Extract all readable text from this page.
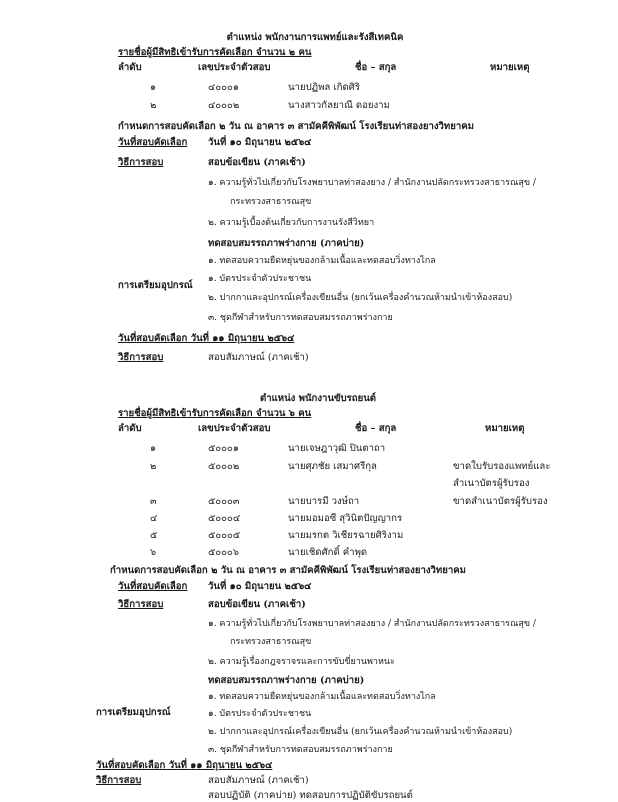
ตำแหน่ง พนักงานการแพทย์และรังสีเทคนิค
รายชื่อผู้มีสิทธิเข้ารับการคัดเลือก จำนวน ๒ คน
ลำดับ	เลขประจำตัวสอบ	ชื่อ – สกุล	หมายเหตุ
๑	๔๐๐๐๑	นายปฏิพล เกิดศิริ
๒	๔๐๐๐๒	นางสาวกัลยาณี ดอยงาม
กำหนดการสอบคัดเลือก ๒ วัน ณ อาคาร ๓ สามัคคีพิพัฒน์ โรงเรียนท่าสองยางวิทยาคม
วันที่สอบคัดเลือก วันที่ ๑๐ มิถุนายน ๒๕๖๔
วิธีการสอบ	สอบข้อเขียน (ภาคเช้า)
๑. ความรู้ทั่วไปเกี่ยวกับโรงพยาบาลท่าสองยาง / สำนักงานปลัดกระทรวงสาธารณสุข /
กระทรวงสาธารณสุข
๒. ความรู้เบื้องต้นเกี่ยวกับการงานรังสีวิทยา
ทดสอบสมรรถภาพร่างกาย (ภาคบ่าย)
๑. ทดสอบความยืดหยุ่นของกล้ามเนื้อและทดสอบวิ่งทางไกล
๑. บัตรประจำตัวประชาชน
การเตรียมอุปกรณ์
๒. ปากกาและอุปกรณ์เครื่องเขียนอื่น (ยกเว้นเครื่องคำนวณห้ามนำเข้าห้องสอบ)
๓. ชุดกีฬาสำหรับการทดสอบสมรรถภาพร่างกาย
วันที่สอบคัดเลือก วันที่ ๑๑ มิถุนายน ๒๕๖๔
วิธีการสอบ	สอบสัมภาษณ์ (ภาคเช้า)
ตำแหน่ง พนักงานขับรถยนต์
รายชื่อผู้มีสิทธิเข้ารับการคัดเลือก จำนวน ๖ คน
ลำดับ	เลขประจำตัวสอบ	ชื่อ – สกุล	หมายเหตุ
๑	๕๐๐๐๑	นายเจษฎาวุฒิ ปินตาถา
๒	๕๐๐๐๒	นายศุภชัย เสมาศรีกุล	ขาดใบรับรองแพทย์และ
สำเนาบัตรผู้รับรอง
๓	๕๐๐๐๓	นายบารมี วงษ์ถา	ขาดสำเนาบัตรผู้รับรอง
๔	๕๐๐๐๔	นายมอมอซี สุวินิตปัญญากร
๕	๕๐๐๐๕	นายมรกต วิเชียรฉายศิริงาม
๖	๕๐๐๐๖	นายเชิดศักดิ์ คำพุด
กำหนดการสอบคัดเลือก ๒ วัน ณ อาคาร ๓ สามัคคีพิพัฒน์ โรงเรียนท่าสองยางวิทยาคม
วันที่สอบคัดเลือก วันที่ ๑๐ มิถุนายน ๒๕๖๔
วิธีการสอบ	สอบข้อเขียน (ภาคเช้า)
๑. ความรู้ทั่วไปเกี่ยวกับโรงพยาบาลท่าสองยาง / สำนักงานปลัดกระทรวงสาธารณสุข /
กระทรวงสาธารณสุข
๒. ความรู้เรื่องกฎจราจรและการขับขี่ยานพาหนะ
ทดสอบสมรรถภาพร่างกาย (ภาคบ่าย)
๑. ทดสอบความยืดหยุ่นของกล้ามเนื้อและทดสอบวิ่งทางไกล
การเตรียมอุปกรณ์	๑. บัตรประจำตัวประชาชน
๒. ปากกาและอุปกรณ์เครื่องเขียนอื่น (ยกเว้นเครื่องคำนวณห้ามนำเข้าห้องสอบ)
๓. ชุดกีฬาสำหรับการทดสอบสมรรถภาพร่างกาย
วันที่สอบคัดเลือก วันที่ ๑๑ มิถุนายน ๒๕๖๔
วิธีการสอบ	สอบสัมภาษณ์ (ภาคเช้า)
สอบปฏิบัติ (ภาคบ่าย) ทดสอบการปฏิบัติขับรถยนต์
